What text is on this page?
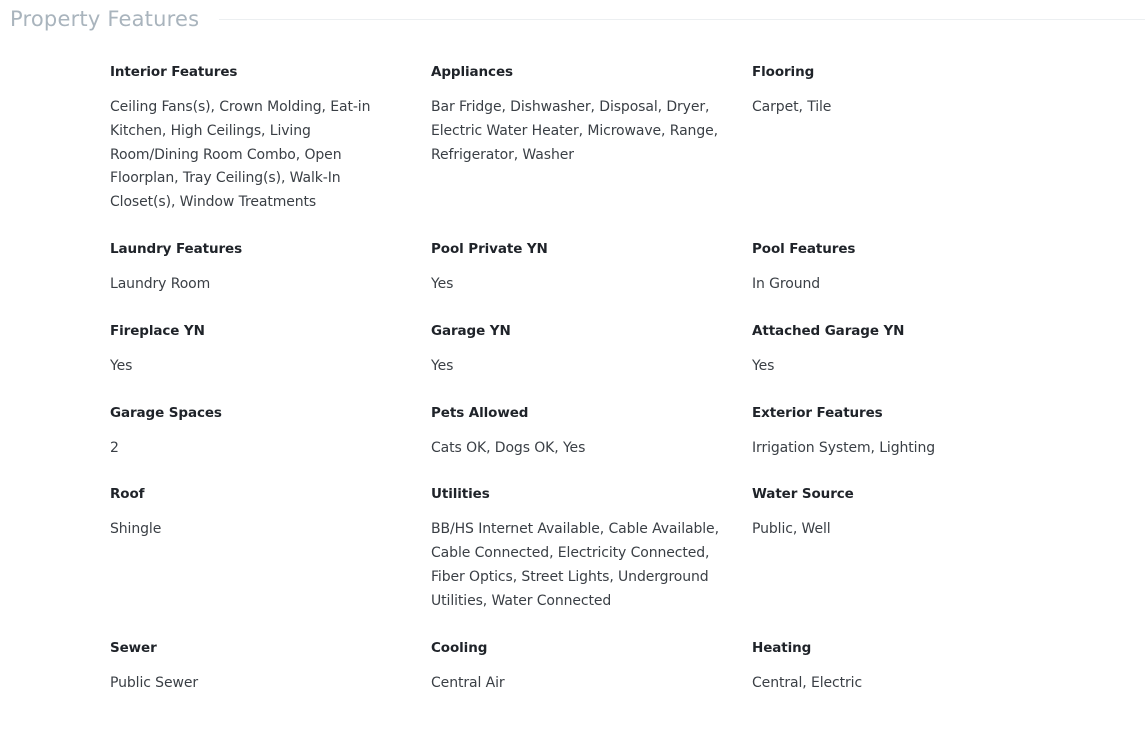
Property Features
Interior Features
Ceiling Fans(s), Crown Molding, Eat-in Kitchen, High Ceilings, Living Room/Dining Room Combo, Open Floorplan, Tray Ceiling(s), Walk-In Closet(s), Window Treatments
Appliances
Bar Fridge, Dishwasher, Disposal, Dryer, Electric Water Heater, Microwave, Range, Refrigerator, Washer
Flooring
Carpet, Tile
Laundry Features
Laundry Room
Pool Private YN
Yes
Pool Features
In Ground
Fireplace YN
Yes
Garage YN
Yes
Attached Garage YN
Yes
Garage Spaces
2
Pets Allowed
Cats OK, Dogs OK, Yes
Exterior Features
Irrigation System, Lighting
Roof
Shingle
Utilities
BB/HS Internet Available, Cable Available, Cable Connected, Electricity Connected, Fiber Optics, Street Lights, Underground Utilities, Water Connected
Water Source
Public, Well
Sewer
Public Sewer
Cooling
Central Air
Heating
Central, Electric
